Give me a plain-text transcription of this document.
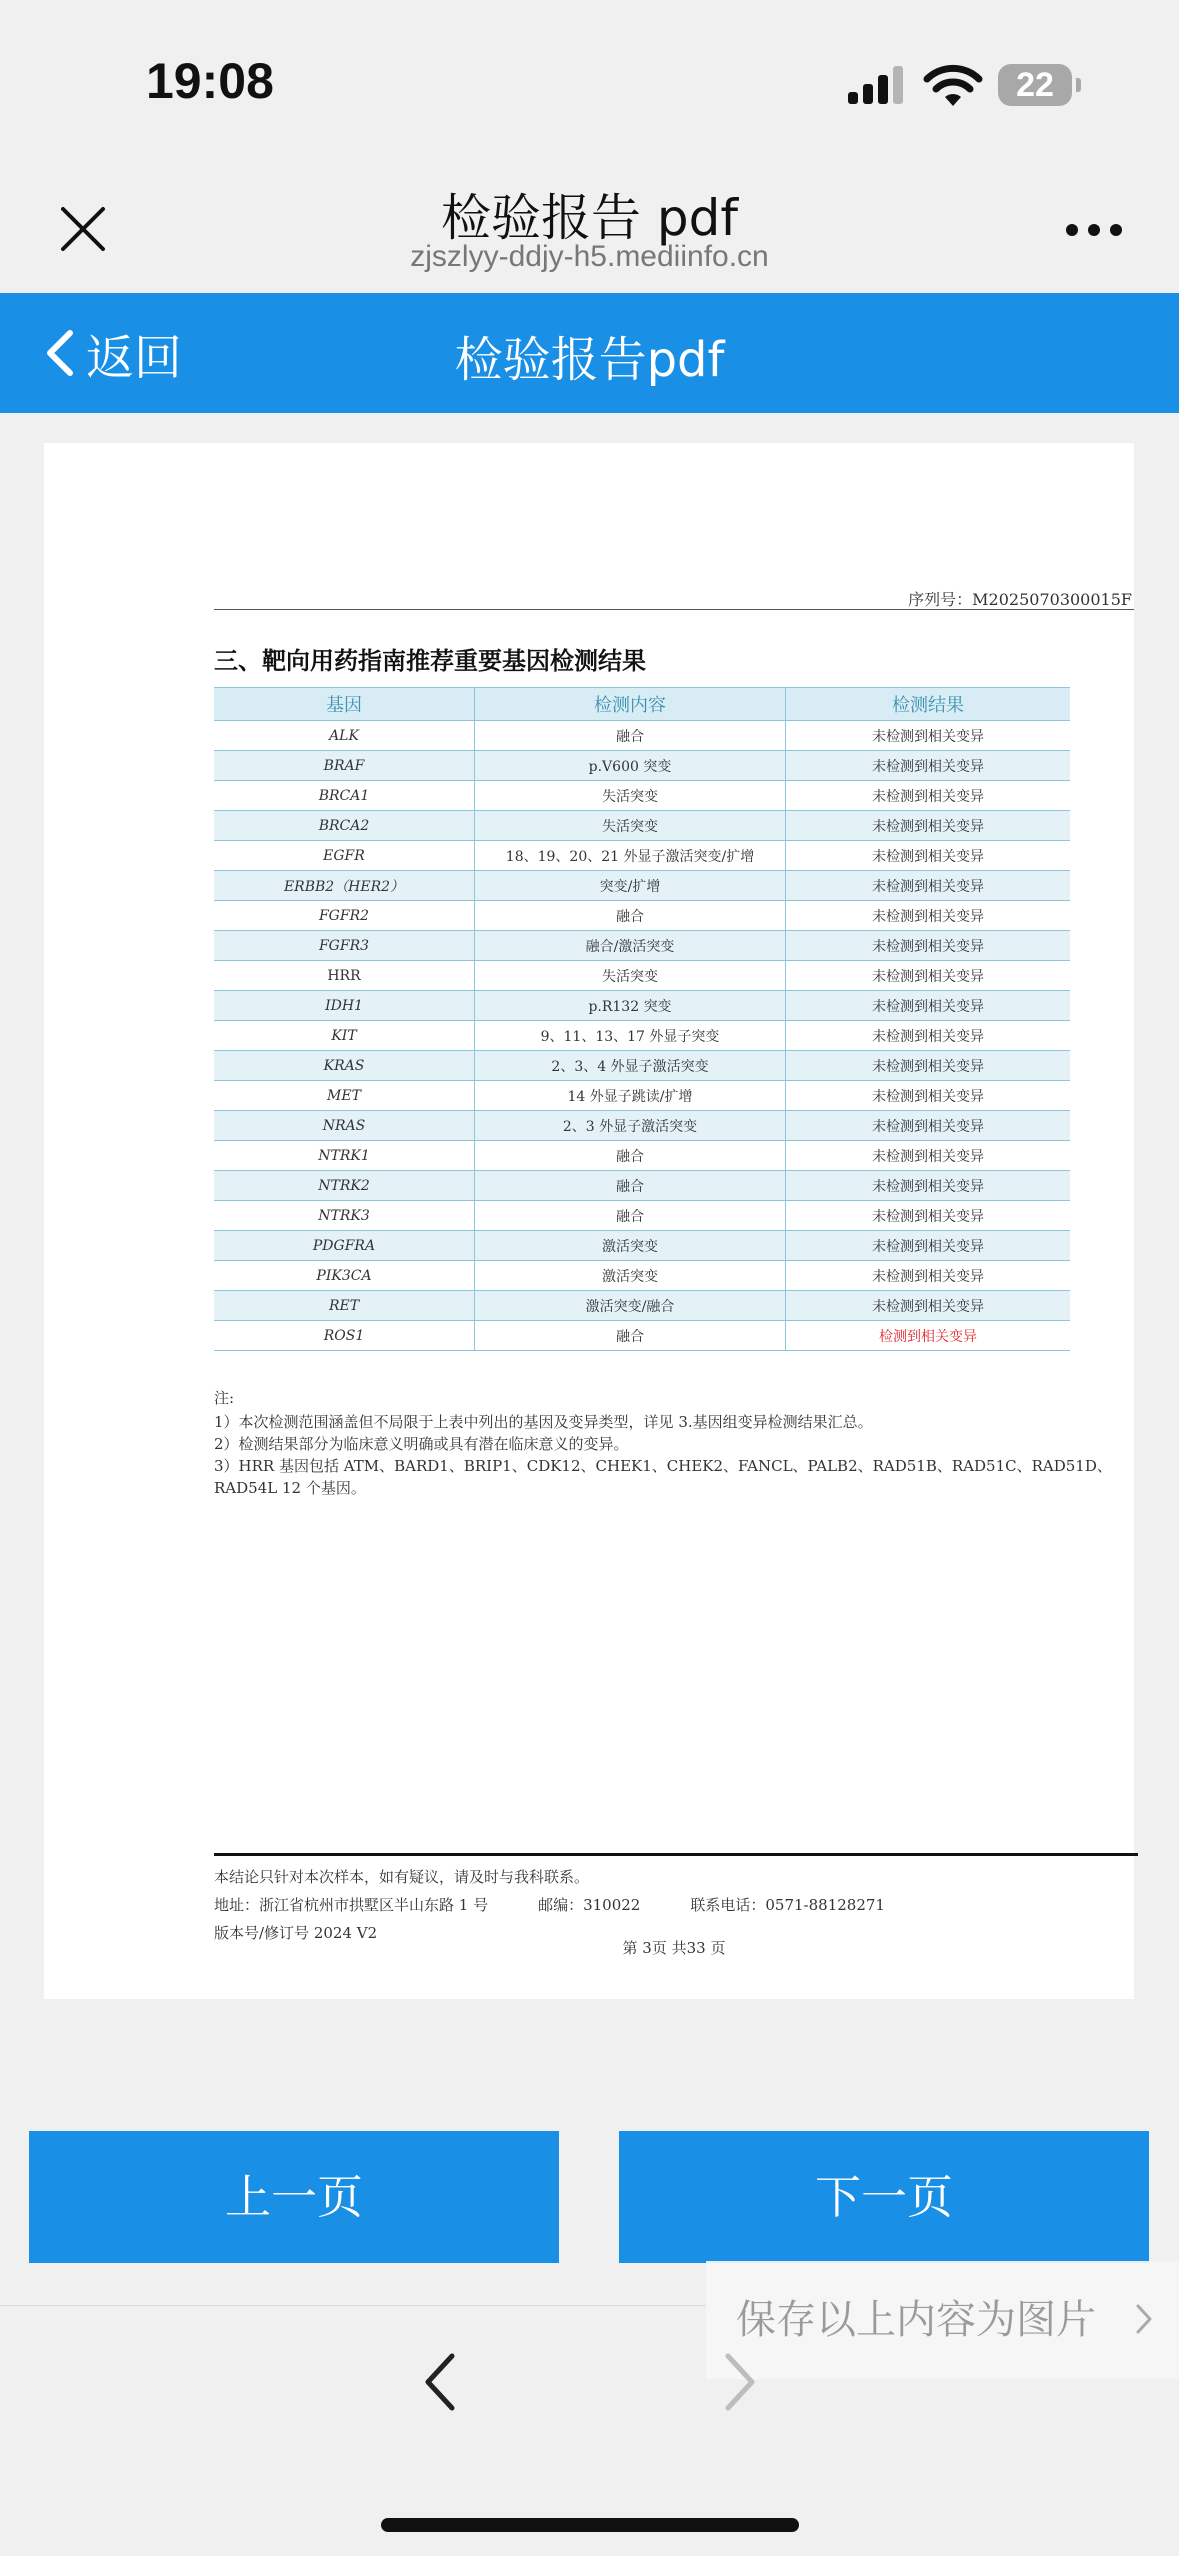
19:08	22
检验报告 pdf
zjszlyy-ddjy-h5.mediinfo.cn
返回	检验报告pdf
序列号：M2025070300015F
三、靶向用药指南推荐重要基因检测结果
基因	检测内容	检测结果
ALK	融合	未检测到相关变异
BRAF	p.V600 突变	未检测到相关变异
BRCA1	失活突变	未检测到相关变异
BRCA2	失活突变	未检测到相关变异
EGFR	18、19、20、21 外显子激活突变/扩增	未检测到相关变异
ERBB2（HER2）	突变/扩增	未检测到相关变异
FGFR2	融合	未检测到相关变异
FGFR3	融合/激活突变	未检测到相关变异
HRR	失活突变	未检测到相关变异
IDH1	p.R132 突变	未检测到相关变异
KIT	9、11、13、17 外显子突变	未检测到相关变异
KRAS	2、3、4 外显子激活突变	未检测到相关变异
MET	14 外显子跳读/扩增	未检测到相关变异
NRAS	2、3 外显子激活突变	未检测到相关变异
NTRK1	融合	未检测到相关变异
NTRK2	融合	未检测到相关变异
NTRK3	融合	未检测到相关变异
PDGFRA	激活突变	未检测到相关变异
PIK3CA	激活突变	未检测到相关变异
RET	激活突变/融合	未检测到相关变异
ROS1	融合	检测到相关变异
注:
1）本次检测范围涵盖但不局限于上表中列出的基因及变异类型，详见 3.基因组变异检测结果汇总。
2）检测结果部分为临床意义明确或具有潜在临床意义的变异。
3）HRR 基因包括 ATM、BARD1、BRIP1、CDK12、CHEK1、CHEK2、FANCL、PALB2、RAD51B、RAD51C、RAD51D、RAD54L 12 个基因。
本结论只针对本次样本，如有疑议，请及时与我科联系。
地址：浙江省杭州市拱墅区半山东路 1 号	邮编：310022	联系电话：0571-88128271
版本号/修订号 2024 V2
第 3页 共33 页
上一页	下一页
保存以上内容为图片
